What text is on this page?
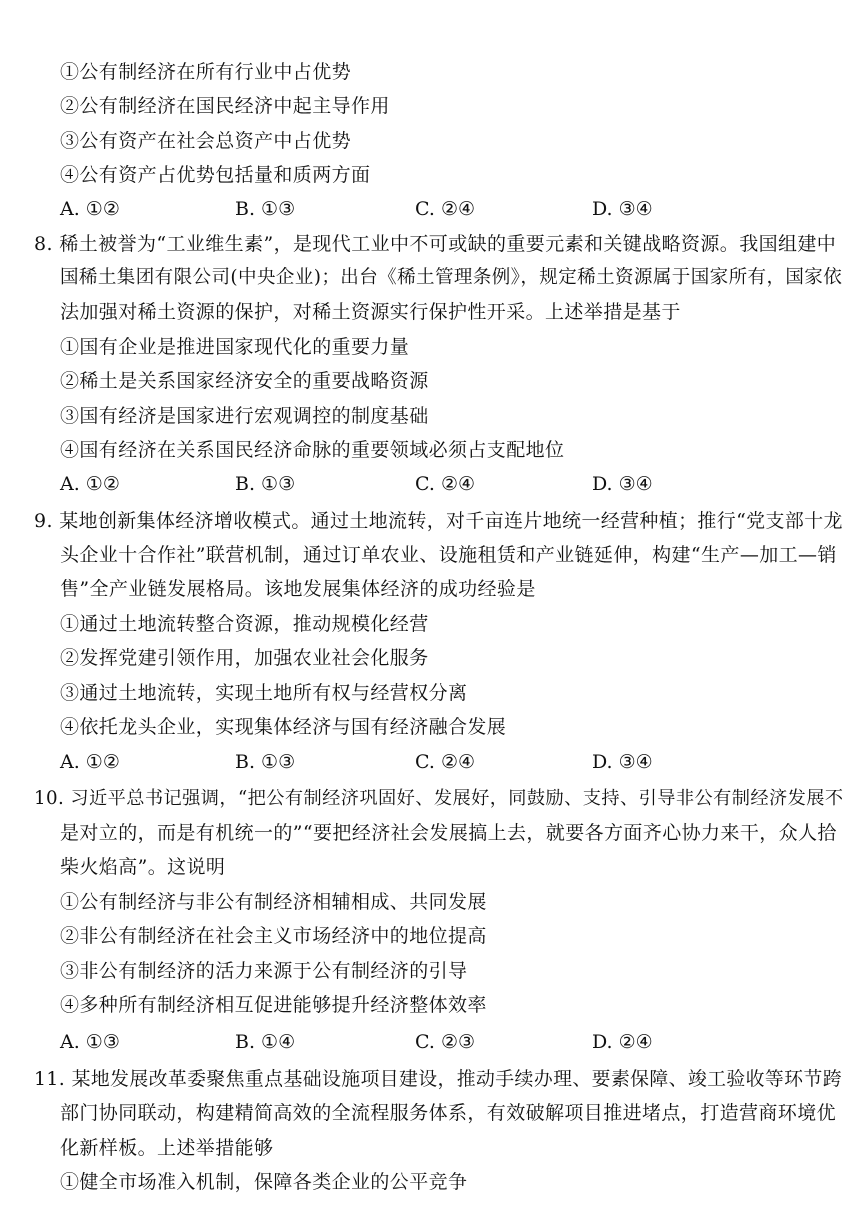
①公有制经济在所有行业中占优势
②公有制经济在国民经济中起主导作用
③公有资产在社会总资产中占优势
④公有资产占优势包括量和质两方面
A. ①②	B. ①③	C. ②④	D. ③④
8. 稀土被誉为“工业维生素”，是现代工业中不可或缺的重要元素和关键战略资源。我国组建中
国稀土集团有限公司(中央企业)；出台《稀土管理条例》，规定稀土资源属于国家所有，国家依
法加强对稀土资源的保护，对稀土资源实行保护性开采。上述举措是基于
①国有企业是推进国家现代化的重要力量
②稀土是关系国家经济安全的重要战略资源
③国有经济是国家进行宏观调控的制度基础
④国有经济在关系国民经济命脉的重要领域必须占支配地位
A. ①②	B. ①③	C. ②④	D. ③④
9. 某地创新集体经济增收模式。通过土地流转，对千亩连片地统一经营种植；推行“党支部十龙
头企业十合作社”联营机制，通过订单农业、设施租赁和产业链延伸，构建“生产—加工—销
售”全产业链发展格局。该地发展集体经济的成功经验是
①通过土地流转整合资源，推动规模化经营
②发挥党建引领作用，加强农业社会化服务
③通过土地流转，实现土地所有权与经营权分离
④依托龙头企业，实现集体经济与国有经济融合发展
A. ①②	B. ①③	C. ②④	D. ③④
10. 习近平总书记强调，“把公有制经济巩固好、发展好，同鼓励、支持、引导非公有制经济发展不
是对立的，而是有机统一的”“要把经济社会发展搞上去，就要各方面齐心协力来干，众人拾
柴火焰高”。这说明
①公有制经济与非公有制经济相辅相成、共同发展
②非公有制经济在社会主义市场经济中的地位提高
③非公有制经济的活力来源于公有制经济的引导
④多种所有制经济相互促进能够提升经济整体效率
A. ①③	B. ①④	C. ②③	D. ②④
11. 某地发展改革委聚焦重点基础设施项目建设，推动手续办理、要素保障、竣工验收等环节跨
部门协同联动，构建精简高效的全流程服务体系，有效破解项目推进堵点，打造营商环境优
化新样板。上述举措能够
①健全市场准入机制，保障各类企业的公平竞争
